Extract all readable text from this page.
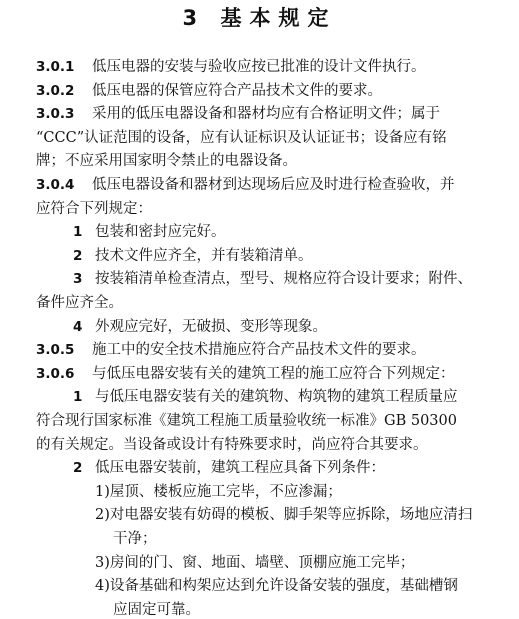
3 基本规定
3.0.1 低压电器的安装与验收应按已批准的设计文件执行。
3.0.2 低压电器的保管应符合产品技术文件的要求。
3.0.3 采用的低压电器设备和器材均应有合格证明文件；属于
“CCC”认证范围的设备，应有认证标识及认证证书；设备应有铭
牌；不应采用国家明令禁止的电器设备。
3.0.4 低压电器设备和器材到达现场后应及时进行检查验收，并
应符合下列规定：
1 包装和密封应完好。
2 技术文件应齐全，并有装箱清单。
3 按装箱清单检查清点，型号、规格应符合设计要求；附件、
备件应齐全。
4 外观应完好，无破损、变形等现象。
3.0.5 施工中的安全技术措施应符合产品技术文件的要求。
3.0.6 与低压电器安装有关的建筑工程的施工应符合下列规定：
1 与低压电器安装有关的建筑物、构筑物的建筑工程质量应
符合现行国家标准《建筑工程施工质量验收统一标准》GB 50300
的有关规定。当设备或设计有特殊要求时，尚应符合其要求。
2 低压电器安装前，建筑工程应具备下列条件：
1)屋顶、楼板应施工完毕，不应渗漏；
2)对电器安装有妨碍的模板、脚手架等应拆除，场地应清扫
干净；
3)房间的门、窗、地面、墙壁、顶棚应施工完毕；
4)设备基础和构架应达到允许设备安装的强度，基础槽钢
应固定可靠。
